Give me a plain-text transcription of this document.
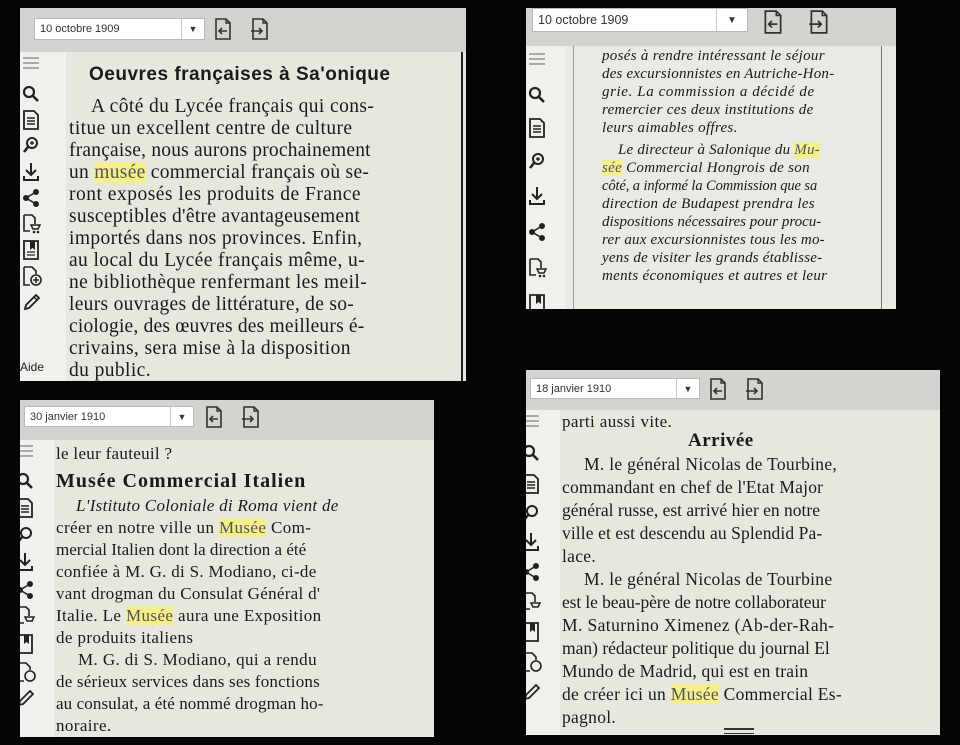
10 octobre 1909	▼
Aide
Oeuvres françaises à Sa'onique
A côté du Lycée français qui cons-
titue un excellent centre de culture
française, nous aurons prochainement
un musée commercial français où se-
ront exposés les produits de France
susceptibles d'être avantageusement
importés dans nos provinces. Enfin,
au local du Lycée français même, u-
ne bibliothèque renfermant les meil-
leurs ouvrages de littérature, de so-
ciologie, des œuvres des meilleurs é-
crivains, sera mise à la disposition
du public.
10 octobre 1909	▼
posés à rendre intéressant le séjour
des excursionnistes en Autriche-Hon-
grie. La commission a décidé de
remercier ces deux institutions de
leurs aimables offres.
Le directeur à Salonique du Mu-
sée Commercial Hongrois de son
côté, a informé la Commission que sa
direction de Budapest prendra les
dispositions nécessaires pour procu-
rer aux excursionnistes tous les mo-
yens de visiter les grands établisse-
ments économiques et autres et leur
30 janvier 1910	▼
le leur fauteuil ?
Musée Commercial Italien
L'Istituto Coloniale di Roma vient de
créer en notre ville un Musée Com-
mercial Italien dont la direction a été
confiée à M. G. di S. Modiano, ci-de
vant drogman du Consulat Général d'
Italie. Le Musée aura une Exposition
de produits italiens
M. G. di S. Modiano, qui a rendu
de sérieux services dans ses fonctions
au consulat, a été nommé drogman ho-
noraire.
18 janvier 1910	▼
parti aussi vite.
Arrivée
M. le général Nicolas de Tourbine,
commandant en chef de l'Etat Major
général russe, est arrivé hier en notre
ville et est descendu au Splendid Pa-
lace.
M. le général Nicolas de Tourbine
est le beau-père de notre collaborateur
M. Saturnino Ximenez (Ab-der-Rah-
man) rédacteur politique du journal El
Mundo de Madrid, qui est en train
de créer ici un Musée Commercial Es-
pagnol.
